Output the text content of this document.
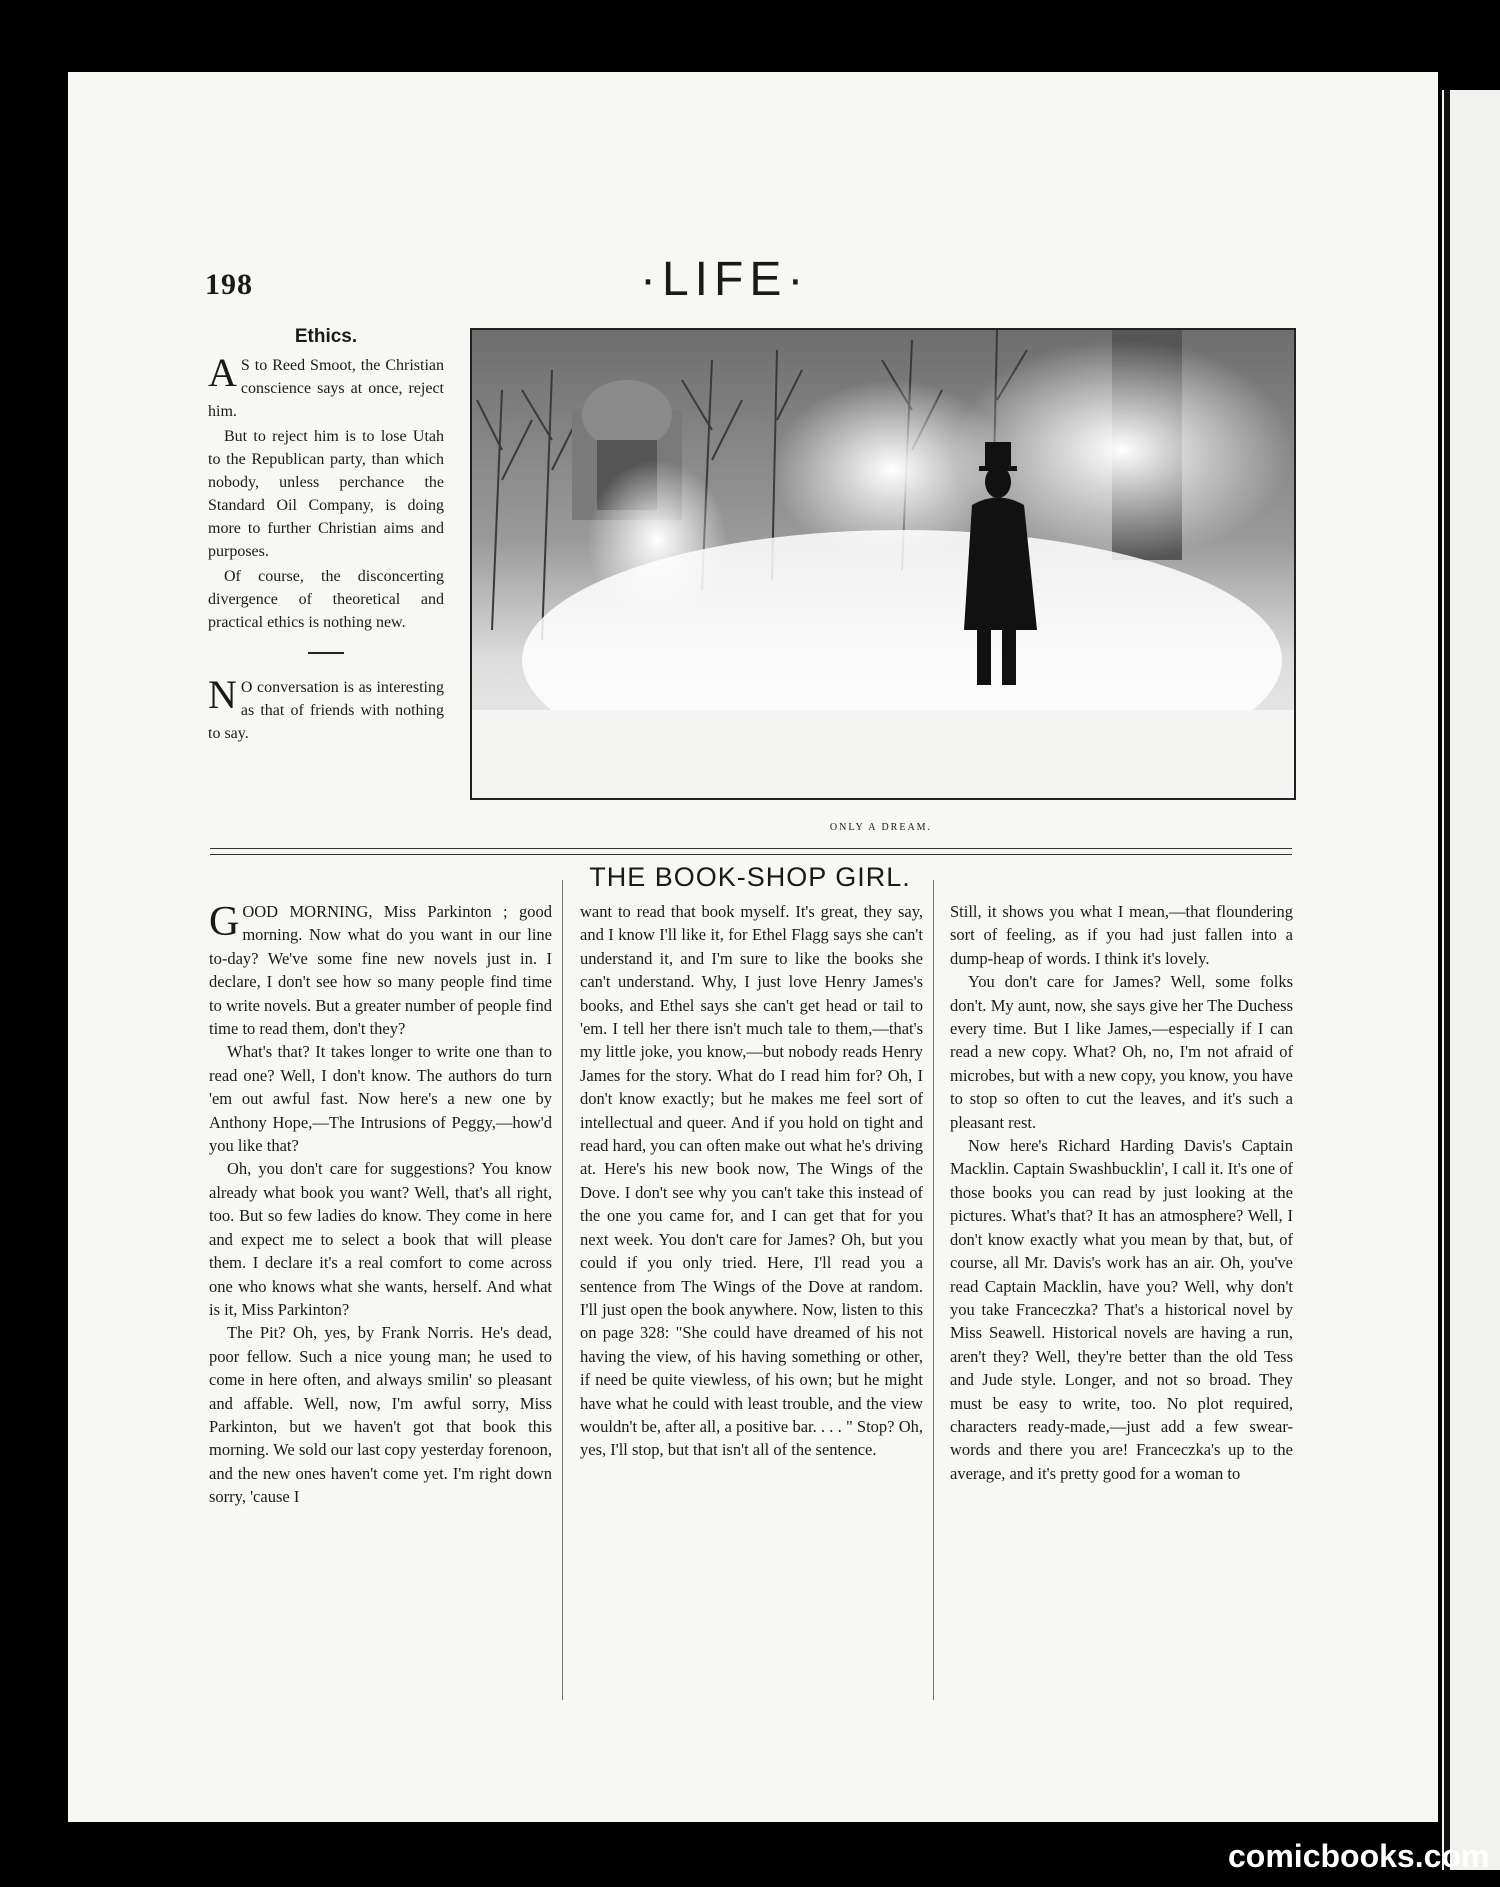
198	·LIFE·
Ethics.

A S to Reed Smoot, the Christian conscience says at once, reject him.

But to reject him is to lose Utah to the Republican party, than which nobody, unless perchance the Standard Oil Company, is doing more to further Christian aims and purposes.

Of course, the disconcerting divergence of theoretical and practical ethics is nothing new.

N O conversation is as interesting as that of friends with nothing to say.

ONLY A DREAM.
THE BOOK-SHOP GIRL.

GOOD MORNING, Miss Parkinton ; good morning. Now what do you want in our line to-day? We've some fine new novels just in. I declare, I don't see how so many people find time to write novels. But a greater number of people find time to read them, don't they?

What's that? It takes longer to write one than to read one? Well, I don't know. The authors do turn 'em out awful fast. Now here's a new one by Anthony Hope,—The Intrusions of Peggy,—how'd you like that?

Oh, you don't care for suggestions? You know already what book you want? Well, that's all right, too. But so few ladies do know. They come in here and expect me to select a book that will please them. I declare it's a real comfort to come across one who knows what she wants, herself. And what is it, Miss Parkinton?

The Pit? Oh, yes, by Frank Norris. He's dead, poor fellow. Such a nice young man; he used to come in here often, and always smilin' so pleasant and affable. Well, now, I'm awful sorry, Miss Parkinton, but we haven't got that book this morning. We sold our last copy yesterday forenoon, and the new ones haven't come yet. I'm right down sorry, 'cause I

want to read that book myself. It's great, they say, and I know I'll like it, for Ethel Flagg says she can't understand it, and I'm sure to like the books she can't understand. Why, I just love Henry James's books, and Ethel says she can't get head or tail to 'em. I tell her there isn't much tale to them,—that's my little joke, you know,—but nobody reads Henry James for the story. What do I read him for? Oh, I don't know exactly; but he makes me feel sort of intellectual and queer. And if you hold on tight and read hard, you can often make out what he's driving at. Here's his new book now, The Wings of the Dove. I don't see why you can't take this instead of the one you came for, and I can get that for you next week. You don't care for James? Oh, but you could if you only tried. Here, I'll read you a sentence from The Wings of the Dove at random. I'll just open the book anywhere. Now, listen to this on page 328: "She could have dreamed of his not having the view, of his having something or other, if need be quite viewless, of his own; but he might have what he could with least trouble, and the view wouldn't be, after all, a positive bar. . . . " Stop? Oh, yes, I'll stop, but that isn't all of the sentence.

Still, it shows you what I mean,—that floundering sort of feeling, as if you had just fallen into a dump-heap of words. I think it's lovely.

You don't care for James? Well, some folks don't. My aunt, now, she says give her The Duchess every time. But I like James,—especially if I can read a new copy. What? Oh, no, I'm not afraid of microbes, but with a new copy, you know, you have to stop so often to cut the leaves, and it's such a pleasant rest.

Now here's Richard Harding Davis's Captain Macklin. Captain Swashbucklin', I call it. It's one of those books you can read by just looking at the pictures. What's that? It has an atmosphere? Well, I don't know exactly what you mean by that, but, of course, all Mr. Davis's work has an air. Oh, you've read Captain Macklin, have you? Well, why don't you take Franceczka? That's a historical novel by Miss Seawell. Historical novels are having a run, aren't they? Well, they're better than the old Tess and Jude style. Longer, and not so broad. They must be easy to write, too. No plot required, characters ready-made,—just add a few swear-words and there you are! Franceczka's up to the average, and it's pretty good for a woman to

comicbooks.com
